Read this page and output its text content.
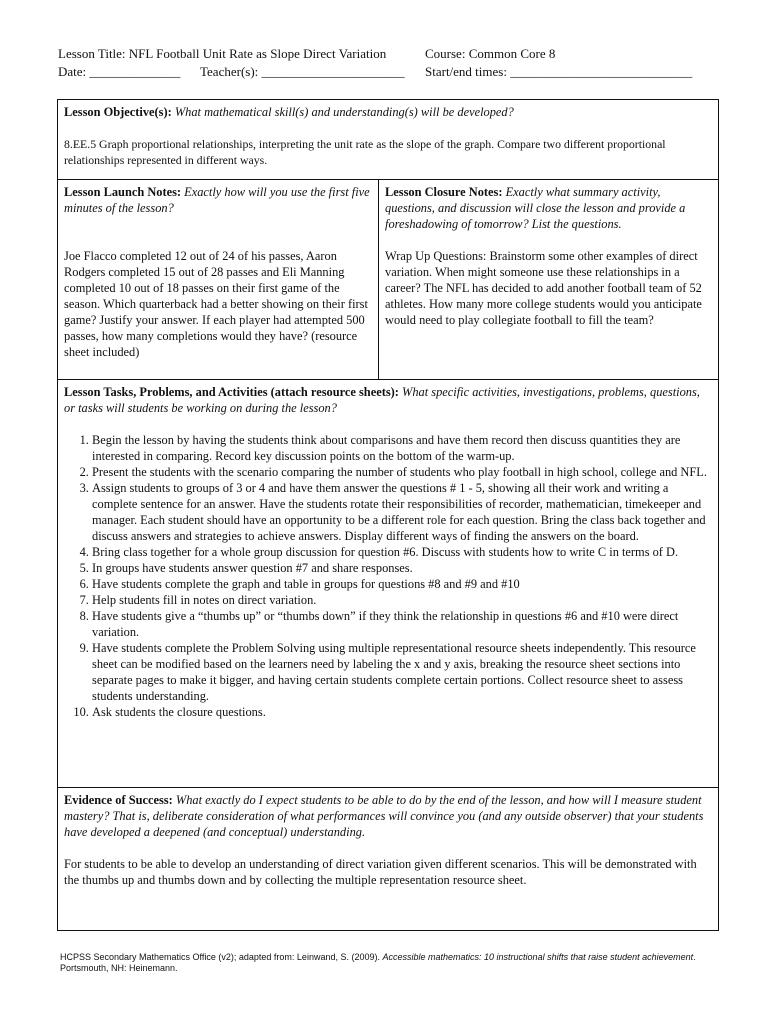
Lesson Title: NFL Football Unit Rate as Slope Direct Variation	Course: Common Core 8
Date: ______________ Teacher(s): ______________________ Start/end times: ____________________________

Lesson Objective(s): What mathematical skill(s) and understanding(s) will be developed?

8.EE.5 Graph proportional relationships, interpreting the unit rate as the slope of the graph. Compare two different proportional relationships represented in different ways.

Lesson Launch Notes: Exactly how will you use the first five minutes of the lesson?

Joe Flacco completed 12 out of 24 of his passes, Aaron Rodgers completed 15 out of 28 passes and Eli Manning completed 10 out of 18 passes on their first game of the season. Which quarterback had a better showing on their first game? Justify your answer. If each player had attempted 500 passes, how many completions would they have? (resource sheet included)

Lesson Closure Notes: Exactly what summary activity, questions, and discussion will close the lesson and provide a foreshadowing of tomorrow? List the questions.

Wrap Up Questions: Brainstorm some other examples of direct variation. When might someone use these relationships in a career? The NFL has decided to add another football team of 52 athletes. How many more college students would you anticipate would need to play collegiate football to fill the team?

Lesson Tasks, Problems, and Activities (attach resource sheets): What specific activities, investigations, problems, questions, or tasks will students be working on during the lesson?

1. Begin the lesson by having the students think about comparisons and have them record then discuss quantities they are interested in comparing. Record key discussion points on the bottom of the warm-up.
2. Present the students with the scenario comparing the number of students who play football in high school, college and NFL.
3. Assign students to groups of 3 or 4 and have them answer the questions # 1 - 5, showing all their work and writing a complete sentence for an answer. Have the students rotate their responsibilities of recorder, mathematician, timekeeper and manager. Each student should have an opportunity to be a different role for each question. Bring the class back together and discuss answers and strategies to achieve answers. Display different ways of finding the answers on the board.
4. Bring class together for a whole group discussion for question #6. Discuss with students how to write C in terms of D.
5. In groups have students answer question #7 and share responses.
6. Have students complete the graph and table in groups for questions #8 and #9 and #10
7. Help students fill in notes on direct variation.
8. Have students give a “thumbs up” or “thumbs down” if they think the relationship in questions #6 and #10 were direct variation.
9. Have students complete the Problem Solving using multiple representational resource sheets independently. This resource sheet can be modified based on the learners need by labeling the x and y axis, breaking the resource sheet sections into separate pages to make it bigger, and having certain students complete certain portions. Collect resource sheet to assess students understanding.
10. Ask students the closure questions.

Evidence of Success: What exactly do I expect students to be able to do by the end of the lesson, and how will I measure student mastery? That is, deliberate consideration of what performances will convince you (and any outside observer) that your students have developed a deepened (and conceptual) understanding.

For students to be able to develop an understanding of direct variation given different scenarios. This will be demonstrated with the thumbs up and thumbs down and by collecting the multiple representation resource sheet.

HCPSS Secondary Mathematics Office (v2); adapted from: Leinwand, S. (2009). Accessible mathematics: 10 instructional shifts that raise student achievement. Portsmouth, NH: Heinemann.
